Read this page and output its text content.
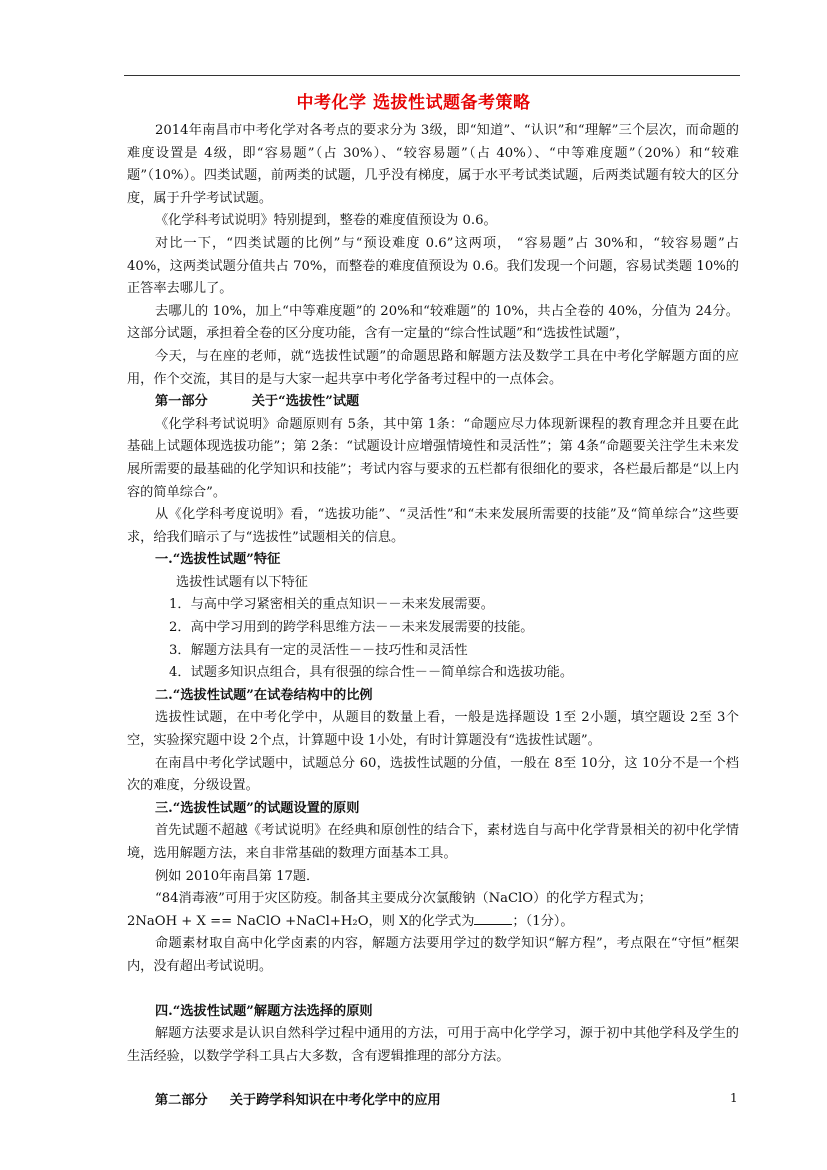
中考化学 选拔性试题备考策略

2014年南昌市中考化学对各考点的要求分为 3级，即“知道”、“认识”和“理解”三个层次，而命题的难度设置是 4级，即“容易题”（占 30%）、“较容易题”（占 40%）、“中等难度题”（20%）和“较难题”（10%）。四类试题，前两类的试题，几乎没有梯度，属于水平考试类试题，后两类试题有较大的区分度，属于升学考试试题。

《化学科考试说明》特别提到，整卷的难度值预设为 0.6。

对比一下，“四类试题的比例”与“预设难度 0.6”这两项， “容易题”占 30%和，“较容易题”占 40%，这两类试题分值共占 70%，而整卷的难度值预设为 0.6。我们发现一个问题，容易试类题 10%的正答率去哪儿了。

去哪儿的 10%，加上“中等难度题”的 20%和“较难题”的 10%，共占全卷的 40%，分值为 24分。这部分试题，承担着全卷的区分度功能，含有一定量的“综合性试题”和“选拔性试题”，

今天，与在座的老师，就“选拔性试题”的命题思路和解题方法及数学工具在中考化学解题方面的应用，作个交流，其目的是与大家一起共享中考化学备考过程中的一点体会。

第一部分	关于“选拔性”试题

《化学科考试说明》命题原则有 5条，其中第 1条：“命题应尽力体现新课程的教育理念并且要在此基础上试题体现选拔功能”；第 2条：“试题设计应增强情境性和灵活性”；第 4条“命题要关注学生未来发展所需要的最基础的化学知识和技能”；考试内容与要求的五栏都有很细化的要求，各栏最后都是“以上内容的简单综合”。

从《化学科考度说明》看，“选拔功能”、“灵活性”和“未来发展所需要的技能”及“简单综合”这些要求，给我们暗示了与“选拔性”试题相关的信息。

一.“选拔性试题”特征

选拔性试题有以下特征

1．与高中学习紧密相关的重点知识－－未来发展需要。

2．高中学习用到的跨学科思维方法－－未来发展需要的技能。

3．解题方法具有一定的灵活性－－技巧性和灵活性

4．试题多知识点组合，具有很强的综合性－－简单综合和选拔功能。

二.“选拔性试题”在试卷结构中的比例

选拔性试题，在中考化学中，从题目的数量上看，一般是选择题设 1至 2小题，填空题设 2至 3个空，实验探究题中设 2个点，计算题中设 1小处，有时计算题没有“选拔性试题”。

在南昌中考化学试题中，试题总分 60，选拔性试题的分值，一般在 8至 10分，这 10分不是一个档次的难度，分级设置。

三.“选拔性试题”的试题设置的原则

首先试题不超越《考试说明》在经典和原创性的结合下，素材选自与高中化学背景相关的初中化学情境，选用解题方法，来自非常基础的数理方面基本工具。

例如 2010年南昌第 17题．

“84消毒液”可用于灾区防疫。制备其主要成分次氯酸钠（NaClO）的化学方程式为；

2NaOH + X == NaClO +NaCl+H₂O，则 X的化学式为	；（1分）。

命题素材取自高中化学卤素的内容，解题方法要用学过的数学知识“解方程”，考点限在“守恒”框架内，没有超出考试说明。

四.“选拔性试题”解题方法选择的原则

解题方法要求是认识自然科学过程中通用的方法，可用于高中化学学习，源于初中其他学科及学生的生活经验，以数学学科工具占大多数，含有逻辑推理的部分方法。

第二部分 关于跨学科知识在中考化学中的应用	1
